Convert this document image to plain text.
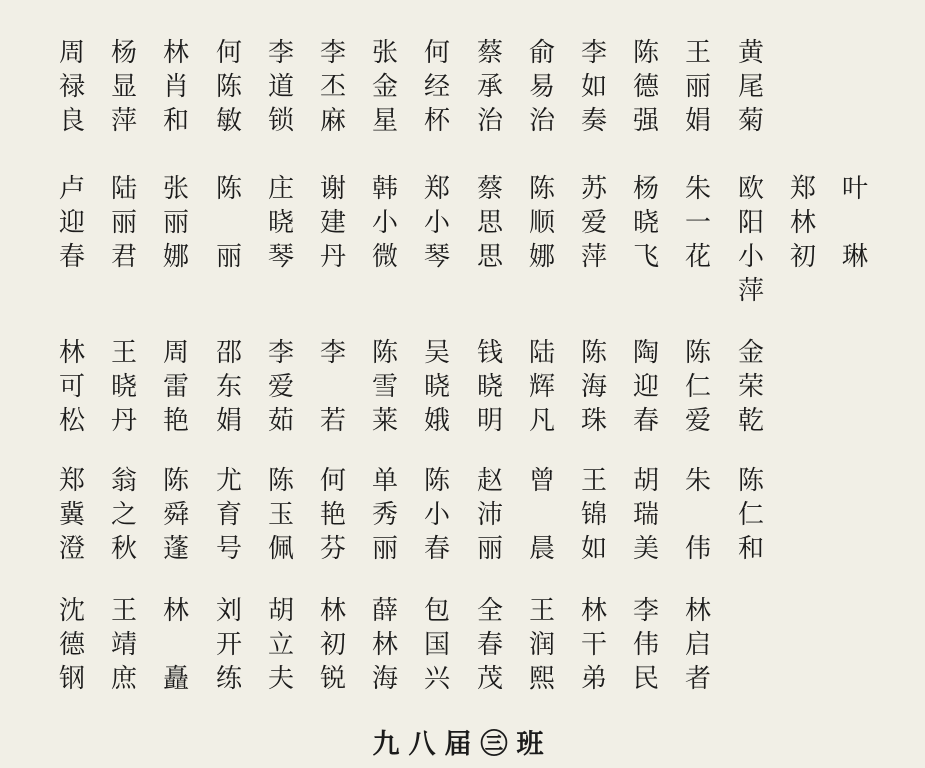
周
禄
良
杨
显
萍
林
肖
和
何
陈
敏
李
道
锁
李
丕
麻
张
金
星
何
经
杯
蔡
承
治
俞
易
治
李
如
奏
陈
德
强
王
丽
娟
黄
尾
菊
卢
迎
春
陆
丽
君
张
丽
娜
陈
丽
庄
晓
琴
谢
建
丹
韩
小
微
郑
小
琴
蔡
思
思
陈
顺
娜
苏
爱
萍
杨
晓
飞
朱
一
花
欧
阳
小
萍
郑
林
初
叶
琳
林
可
松
王
晓
丹
周
雷
艳
邵
东
娟
李
爱
茹
李
若
陈
雪
莱
吴
晓
娥
钱
晓
明
陆
辉
凡
陈
海
珠
陶
迎
春
陈
仁
爱
金
荣
乾
郑
冀
澄
翁
之
秋
陈
舜
蓬
尤
育
号
陈
玉
佩
何
艳
芬
单
秀
丽
陈
小
春
赵
沛
丽
曾
晨
王
锦
如
胡
瑞
美
朱
伟
陈
仁
和
沈
德
钢
王
靖
庶
林
矗
刘
开
练
胡
立
夫
林
初
锐
薛
林
海
包
国
兴
全
春
茂
王
润
熙
林
干
弟
李
伟
民
林
启
者
九八届㊂班
